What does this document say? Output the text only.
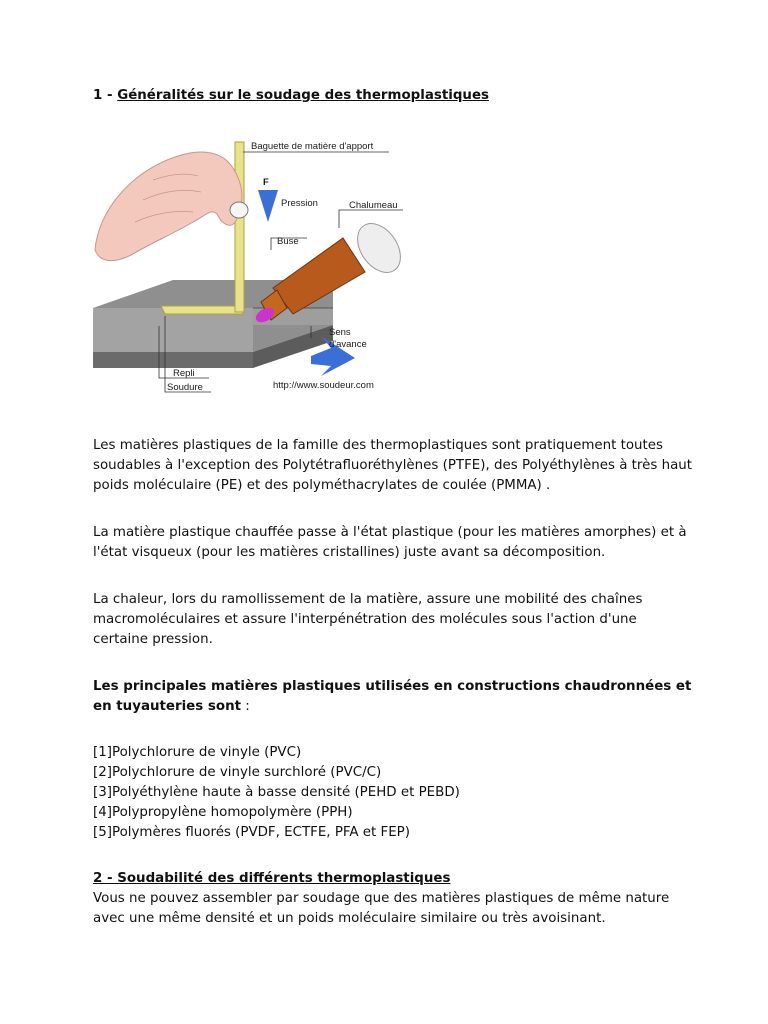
1 - Généralités sur le soudage des thermoplastiques
F
Pression
Baguette de matière d'apport
Buse
Chalumeau
Sens
d'avance
Repli
Soudure	http://www.soudeur.com

Les matières plastiques de la famille des thermoplastiques sont pratiquement toutes soudables à l'exception des Polytétrafluoréthylènes (PTFE), des Polyéthylènes à très haut poids moléculaire (PE) et des polyméthacrylates de coulée (PMMA) .

La matière plastique chauffée passe à l'état plastique (pour les matières amorphes) et à l'état visqueux (pour les matières cristallines) juste avant sa décomposition.

La chaleur, lors du ramollissement de la matière, assure une mobilité des chaînes macromoléculaires et assure l'interpénétration des molécules sous l'action d'une certaine pression.

Les principales matières plastiques utilisées en constructions chaudronnées et en tuyauteries sont :

[1]Polychlorure de vinyle (PVC)
[2]Polychlorure de vinyle surchloré (PVC/C)
[3]Polyéthylène haute à basse densité (PEHD et PEBD)
[4]Polypropylène homopolymère (PPH)
[5]Polymères fluorés (PVDF, ECTFE, PFA et FEP)
2 - Soudabilité des différents thermoplastiques

Vous ne pouvez assembler par soudage que des matières plastiques de même nature avec une même densité et un poids moléculaire similaire ou très avoisinant.
